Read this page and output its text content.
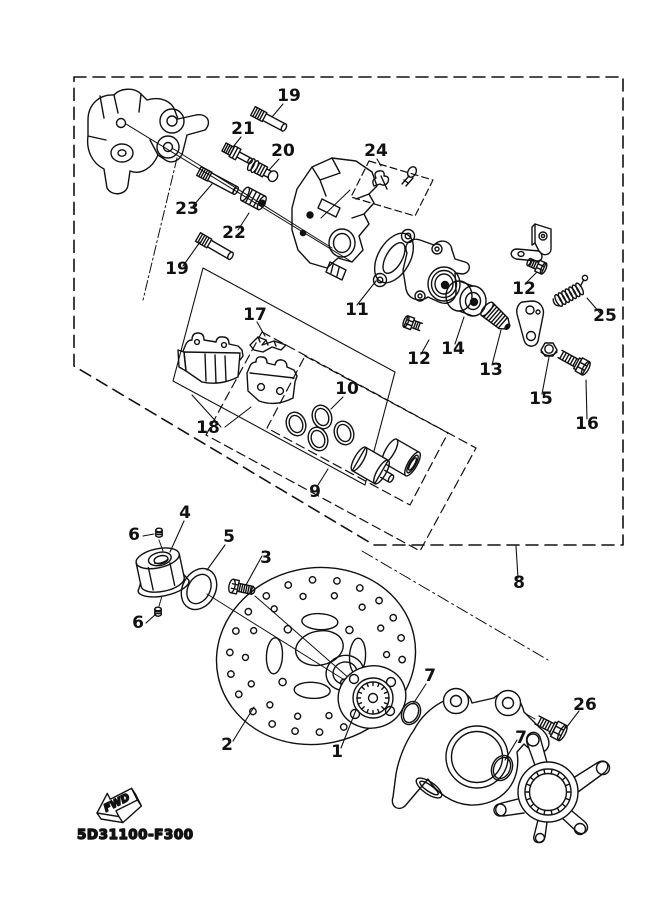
FWD
5D31100-F300
19
21
20	24
23
22
19
11
12
25
12 14
13
15
16
17
18
10
9
8
4
6	5
3
6
2	1
7
7
26
